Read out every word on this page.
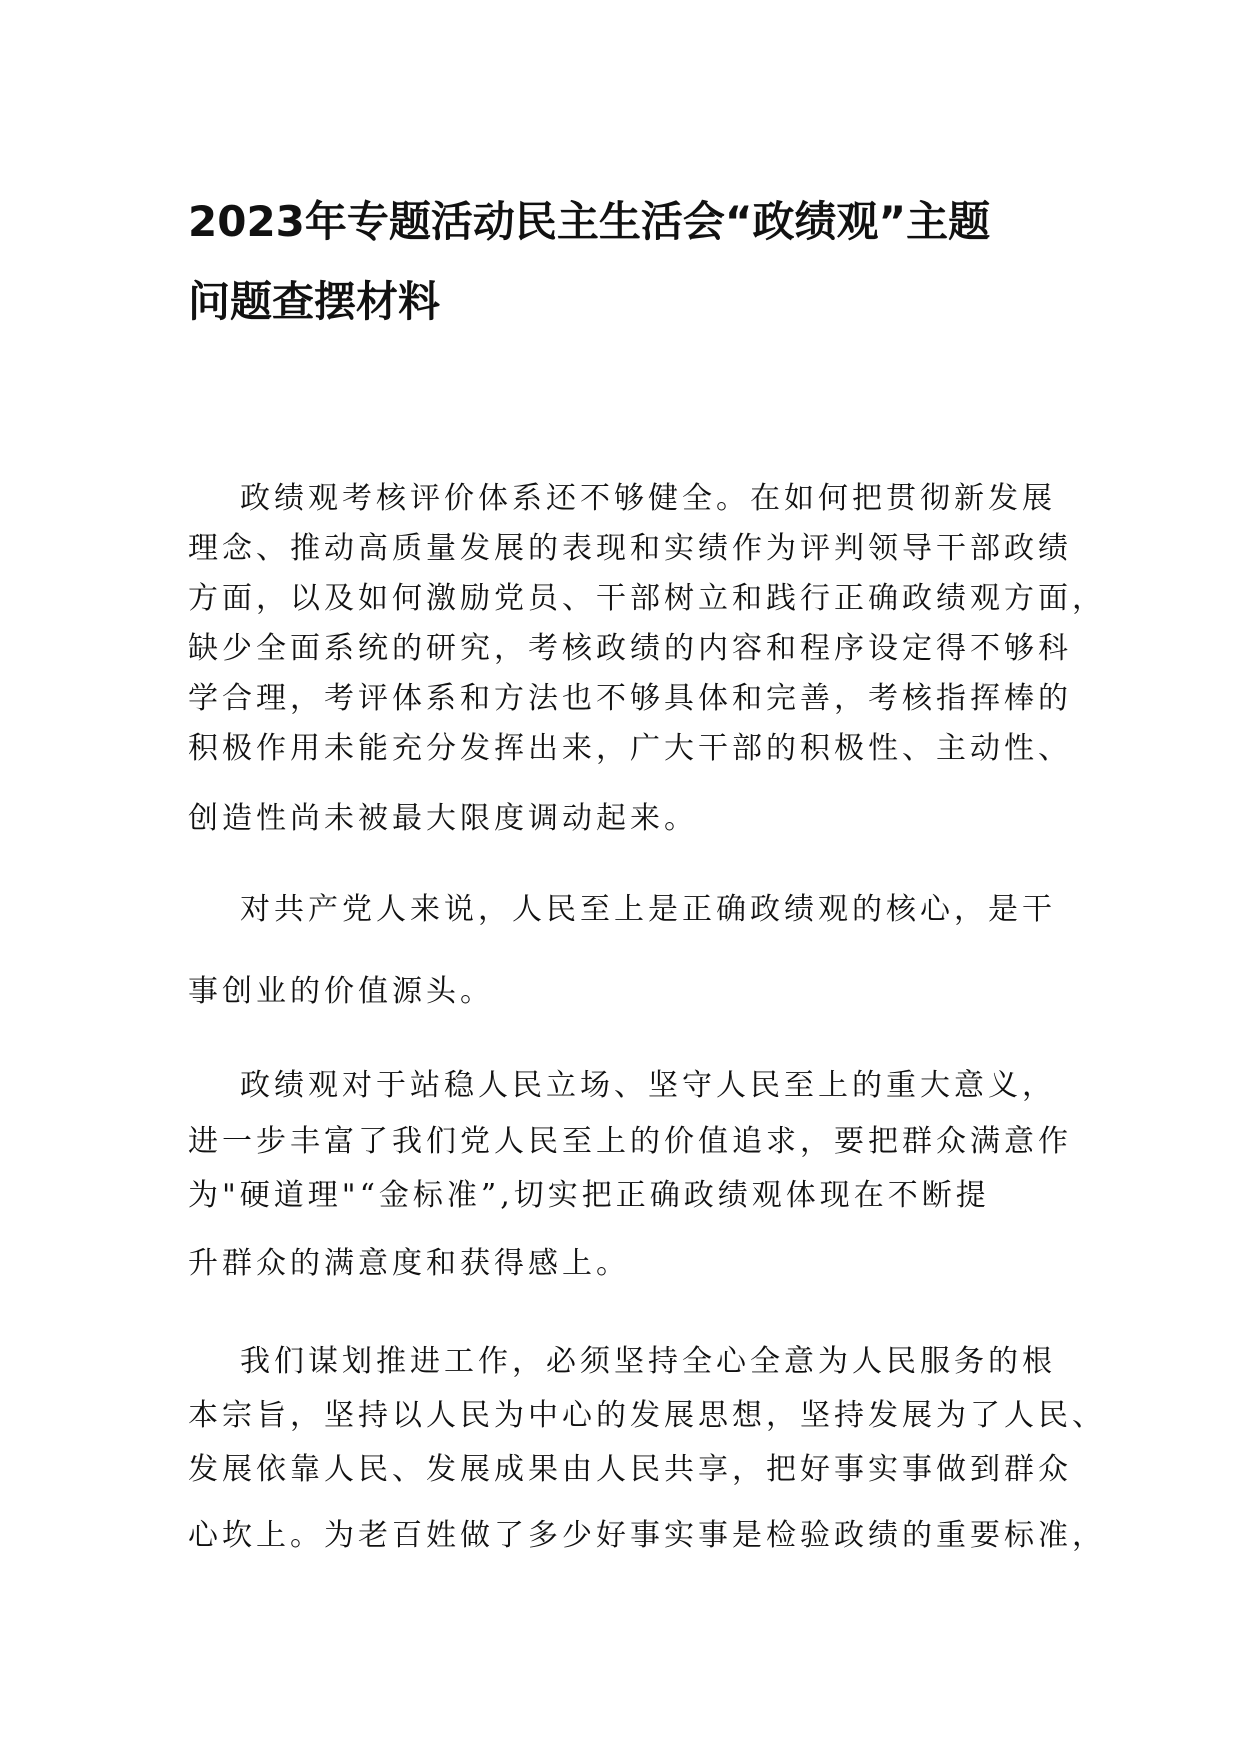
2023年专题活动民主生活会“政绩观”主题
问题查摆材料
政绩观考核评价体系还不够健全。在如何把贯彻新发展
理念、推动高质量发展的表现和实绩作为评判领导干部政绩
方面，以及如何激励党员、干部树立和践行正确政绩观方面，
缺少全面系统的研究，考核政绩的内容和程序设定得不够科
学合理，考评体系和方法也不够具体和完善，考核指挥棒的
积极作用未能充分发挥出来，广大干部的积极性、主动性、
创造性尚未被最大限度调动起来。
对共产党人来说，人民至上是正确政绩观的核心，是干
事创业的价值源头。
政绩观对于站稳人民立场、坚守人民至上的重大意义，
进一步丰富了我们党人民至上的价值追求，要把群众满意作
为"硬道理"“金标准”,切实把正确政绩观体现在不断提
升群众的满意度和获得感上。
我们谋划推进工作，必须坚持全心全意为人民服务的根
本宗旨，坚持以人民为中心的发展思想，坚持发展为了人民、
发展依靠人民、发展成果由人民共享，把好事实事做到群众
心坎上。为老百姓做了多少好事实事是检验政绩的重要标准，
